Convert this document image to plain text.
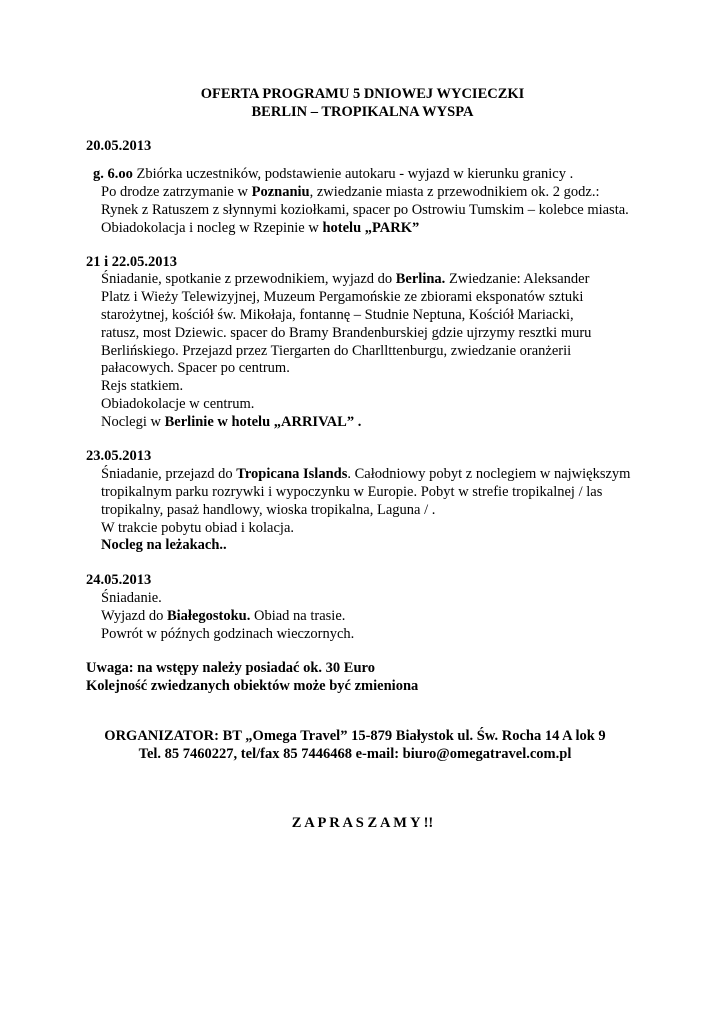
OFERTA PROGRAMU 5 DNIOWEJ WYCIECZKI
BERLIN – TROPIKALNA WYSPA
20.05.2013
g. 6.oo Zbiórka uczestników, podstawienie autokaru - wyjazd w kierunku granicy .
Po drodze zatrzymanie w Poznaniu, zwiedzanie miasta z przewodnikiem ok. 2 godz.:
Rynek z Ratuszem z słynnymi koziołkami, spacer po Ostrowiu Tumskim – kolebce miasta.
Obiadokolacja i nocleg w Rzepinie w hotelu „PARK”
21 i 22.05.2013
Śniadanie, spotkanie z przewodnikiem, wyjazd do Berlina. Zwiedzanie: Aleksander
Platz i Wieży Telewizyjnej, Muzeum Pergamońskie ze zbiorami eksponatów sztuki
starożytnej, kościół św. Mikołaja, fontannę – Studnie Neptuna, Kościół Mariacki,
ratusz, most Dziewic. spacer do Bramy Brandenburskiej gdzie ujrzymy resztki muru
Berlińskiego. Przejazd przez Tiergarten do Charllttenburgu, zwiedzanie oranżerii
pałacowych. Spacer po centrum.
Rejs statkiem.
Obiadokolacje w centrum.
Noclegi w Berlinie w hotelu „ARRIVAL” .
23.05.2013
Śniadanie, przejazd do Tropicana Islands. Całodniowy pobyt z noclegiem w największym
tropikalnym parku rozrywki i wypoczynku w Europie. Pobyt w strefie tropikalnej / las
tropikalny, pasaż handlowy, wioska tropikalna, Laguna / .
W trakcie pobytu obiad i kolacja.
Nocleg na leżakach..
24.05.2013
Śniadanie.
Wyjazd do Białegostoku. Obiad na trasie.
Powrót w późnych godzinach wieczornych.
Uwaga: na wstępy należy posiadać ok. 30 Euro
Kolejność zwiedzanych obiektów może być zmieniona
ORGANIZATOR: BT „Omega Travel” 15-879 Białystok ul. Św. Rocha 14 A lok 9
Tel. 85 7460227, tel/fax 85 7446468 e-mail: biuro@omegatravel.com.pl
Z A P R A S Z A M Y !!
